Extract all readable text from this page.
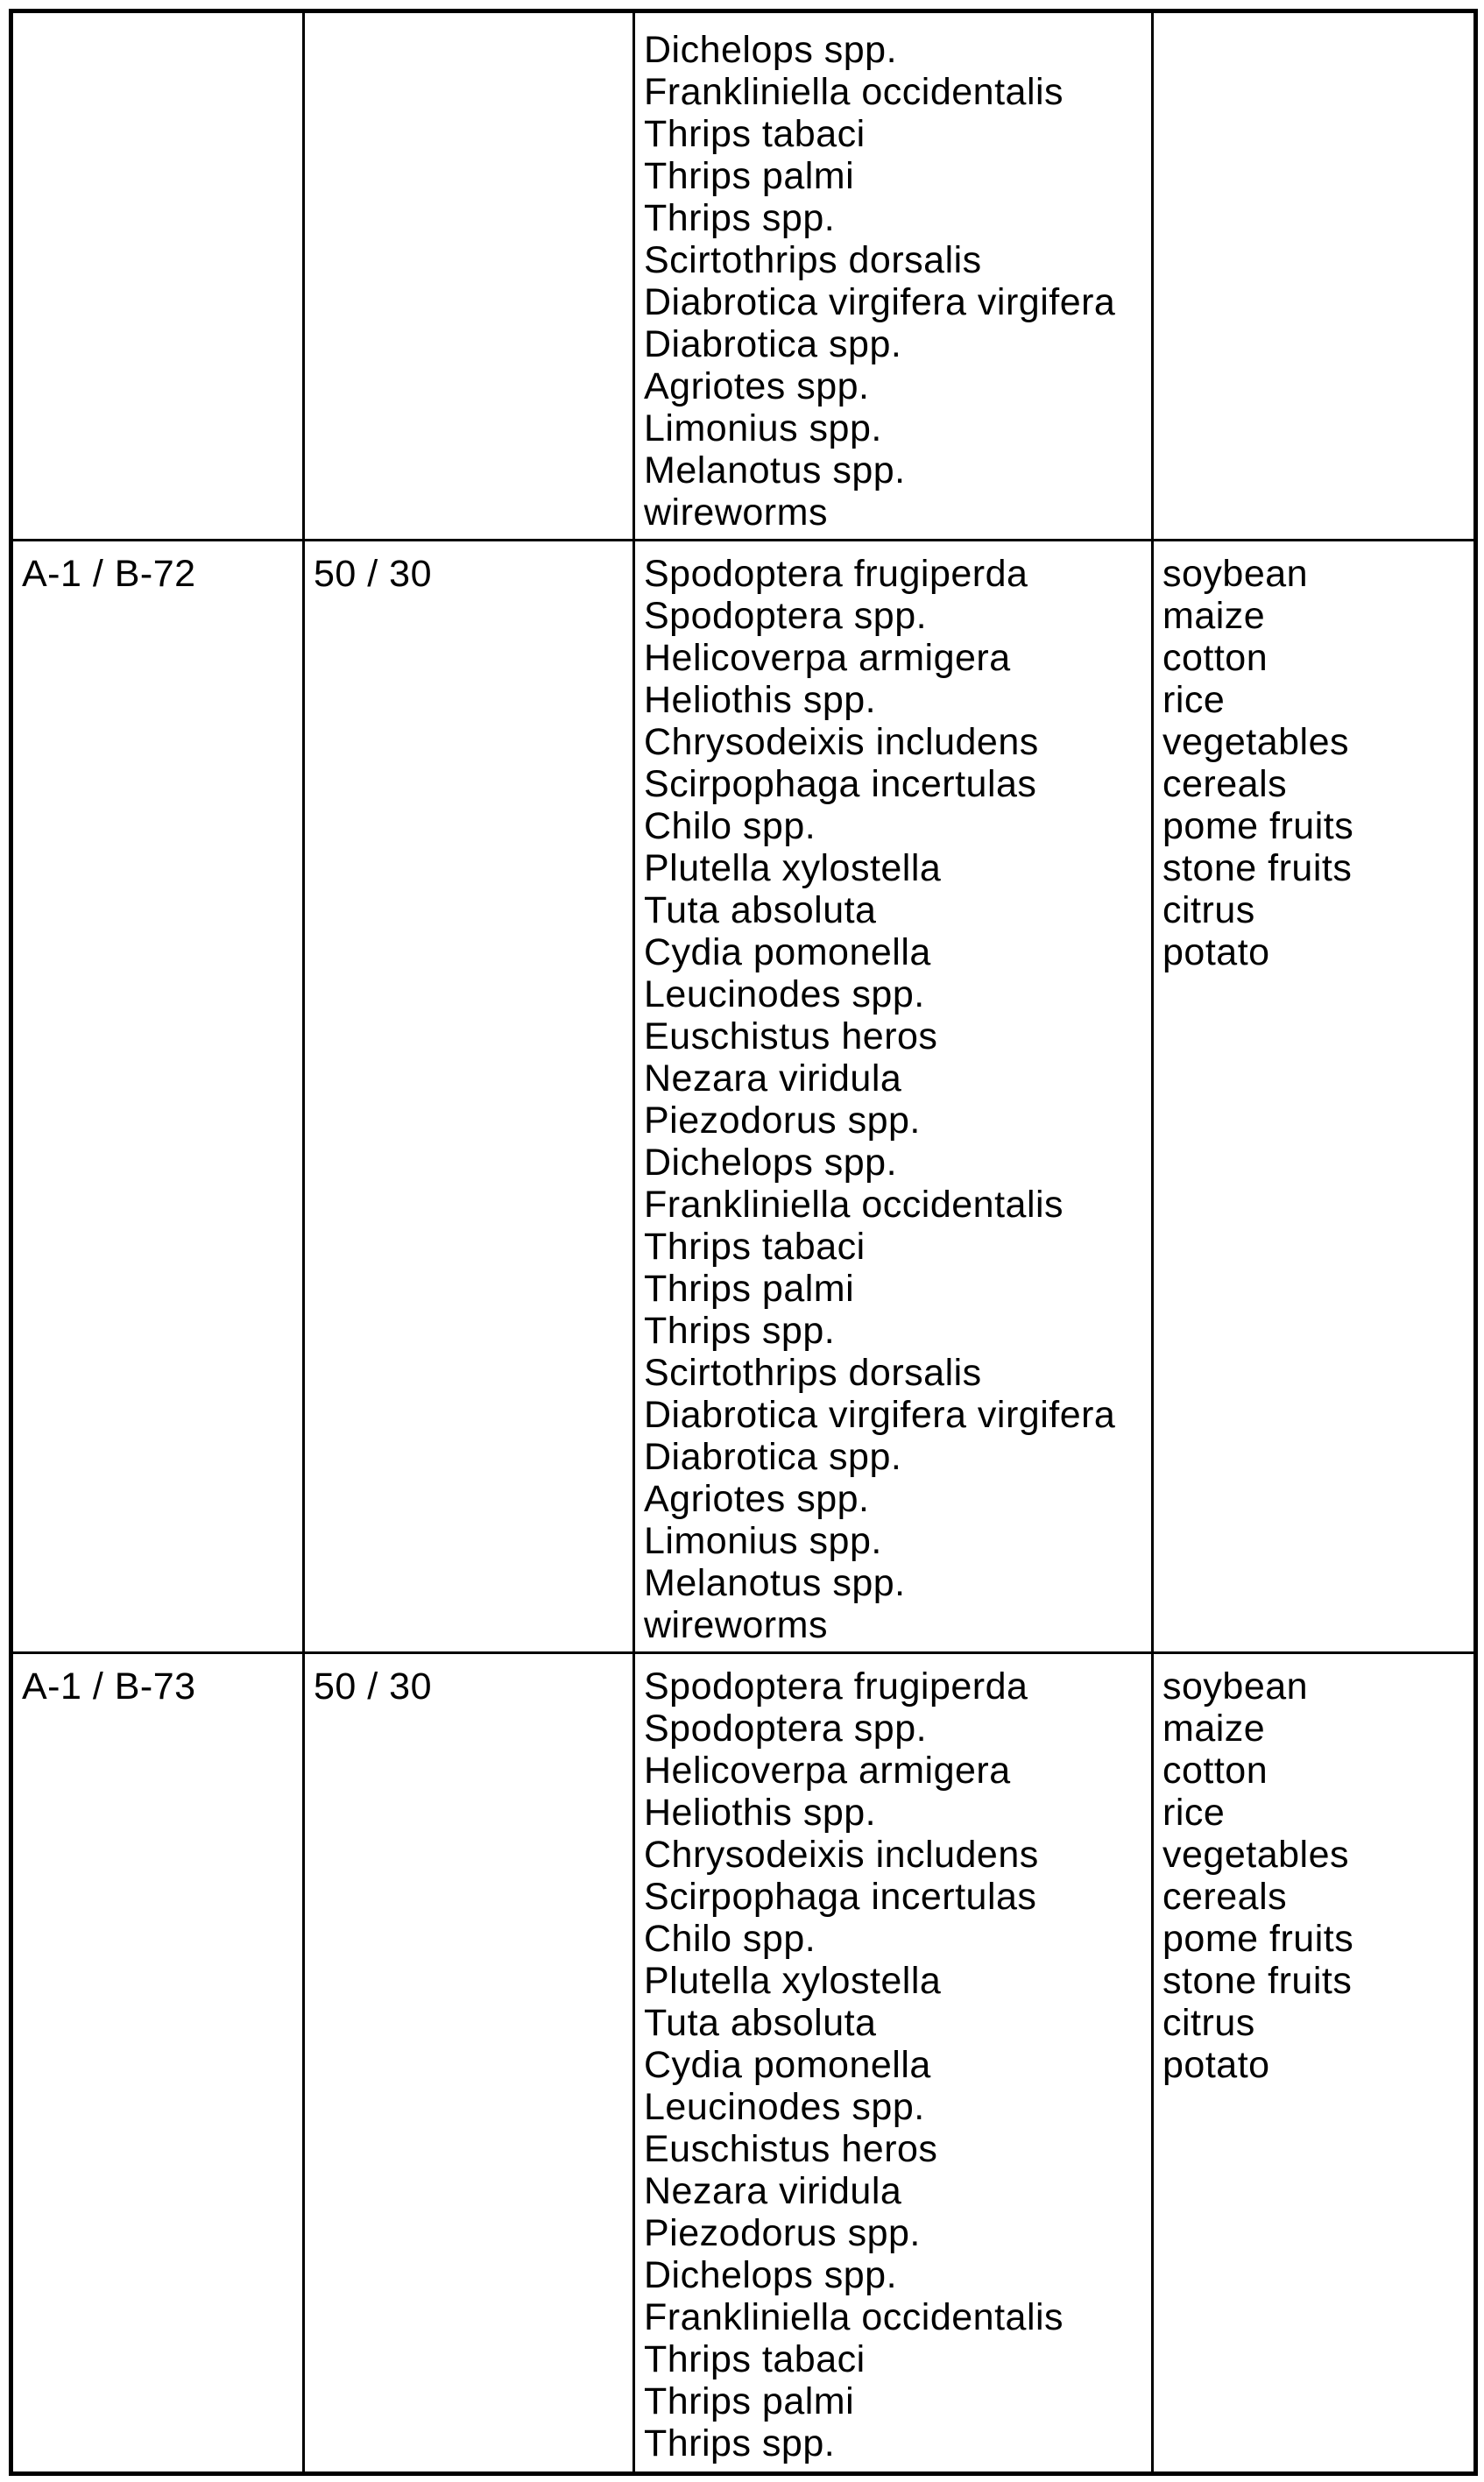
		Dichelops spp.
Frankliniella occidentalis
Thrips tabaci
Thrips palmi
Thrips spp.
Scirtothrips dorsalis
Diabrotica virgifera virgifera
Diabrotica spp.
Agriotes spp.
Limonius spp.
Melanotus spp.
wireworms	
A-1 / B-72	50 / 30	Spodoptera frugiperda
Spodoptera spp.
Helicoverpa armigera
Heliothis spp.
Chrysodeixis includens
Scirpophaga incertulas
Chilo spp.
Plutella xylostella
Tuta absoluta
Cydia pomonella
Leucinodes spp.
Euschistus heros
Nezara viridula
Piezodorus spp.
Dichelops spp.
Frankliniella occidentalis
Thrips tabaci
Thrips palmi
Thrips spp.
Scirtothrips dorsalis
Diabrotica virgifera virgifera
Diabrotica spp.
Agriotes spp.
Limonius spp.
Melanotus spp.
wireworms	soybean
maize
cotton
rice
vegetables
cereals
pome fruits
stone fruits
citrus
potato
A-1 / B-73	50 / 30	Spodoptera frugiperda
Spodoptera spp.
Helicoverpa armigera
Heliothis spp.
Chrysodeixis includens
Scirpophaga incertulas
Chilo spp.
Plutella xylostella
Tuta absoluta
Cydia pomonella
Leucinodes spp.
Euschistus heros
Nezara viridula
Piezodorus spp.
Dichelops spp.
Frankliniella occidentalis
Thrips tabaci
Thrips palmi
Thrips spp.	soybean
maize
cotton
rice
vegetables
cereals
pome fruits
stone fruits
citrus
potato
